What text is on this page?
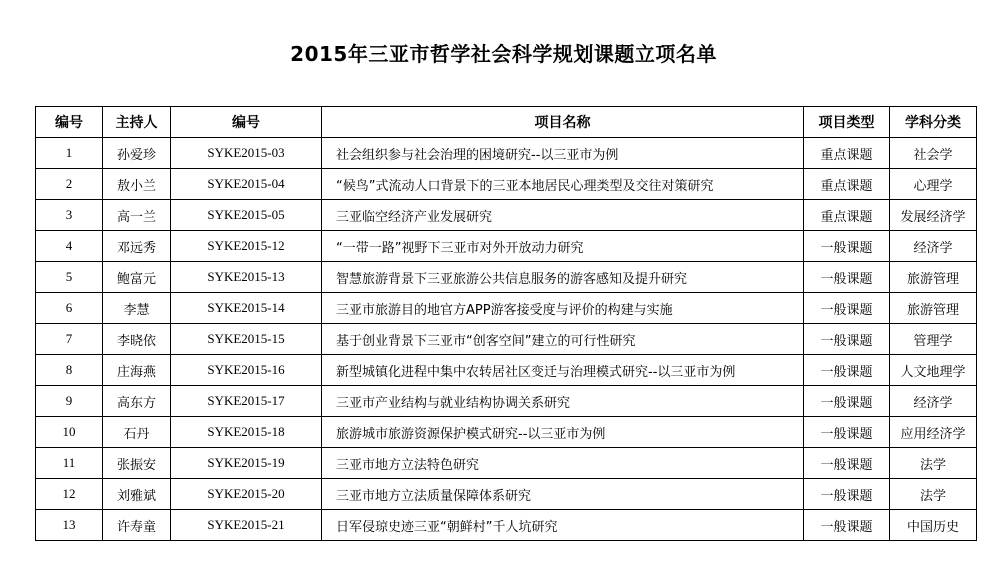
2015年三亚市哲学社会科学规划课题立项名单
编号	主持人	编号	项目名称	项目类型	学科分类
1	孙爱珍	SYKE2015-03	社会组织参与社会治理的困境研究--以三亚市为例	重点课题	社会学
2	敖小兰	SYKE2015-04	“候鸟”式流动人口背景下的三亚本地居民心理类型及交往对策研究	重点课题	心理学
3	高一兰	SYKE2015-05	三亚临空经济产业发展研究	重点课题	发展经济学
4	邓远秀	SYKE2015-12	“一带一路”视野下三亚市对外开放动力研究	一般课题	经济学
5	鲍富元	SYKE2015-13	智慧旅游背景下三亚旅游公共信息服务的游客感知及提升研究	一般课题	旅游管理
6	李慧	SYKE2015-14	三亚市旅游目的地官方APP游客接受度与评价的构建与实施	一般课题	旅游管理
7	李晓依	SYKE2015-15	基于创业背景下三亚市“创客空间”建立的可行性研究	一般课题	管理学
8	庄海燕	SYKE2015-16	新型城镇化进程中集中农转居社区变迁与治理模式研究--以三亚市为例	一般课题	人文地理学
9	高东方	SYKE2015-17	三亚市产业结构与就业结构协调关系研究	一般课题	经济学
10	石丹	SYKE2015-18	旅游城市旅游资源保护模式研究--以三亚市为例	一般课题	应用经济学
11	张振安	SYKE2015-19	三亚市地方立法特色研究	一般课题	法学
12	刘雅斌	SYKE2015-20	三亚市地方立法质量保障体系研究	一般课题	法学
13	许寿童	SYKE2015-21	日军侵琼史迹三亚“朝鲜村”千人坑研究	一般课题	中国历史
